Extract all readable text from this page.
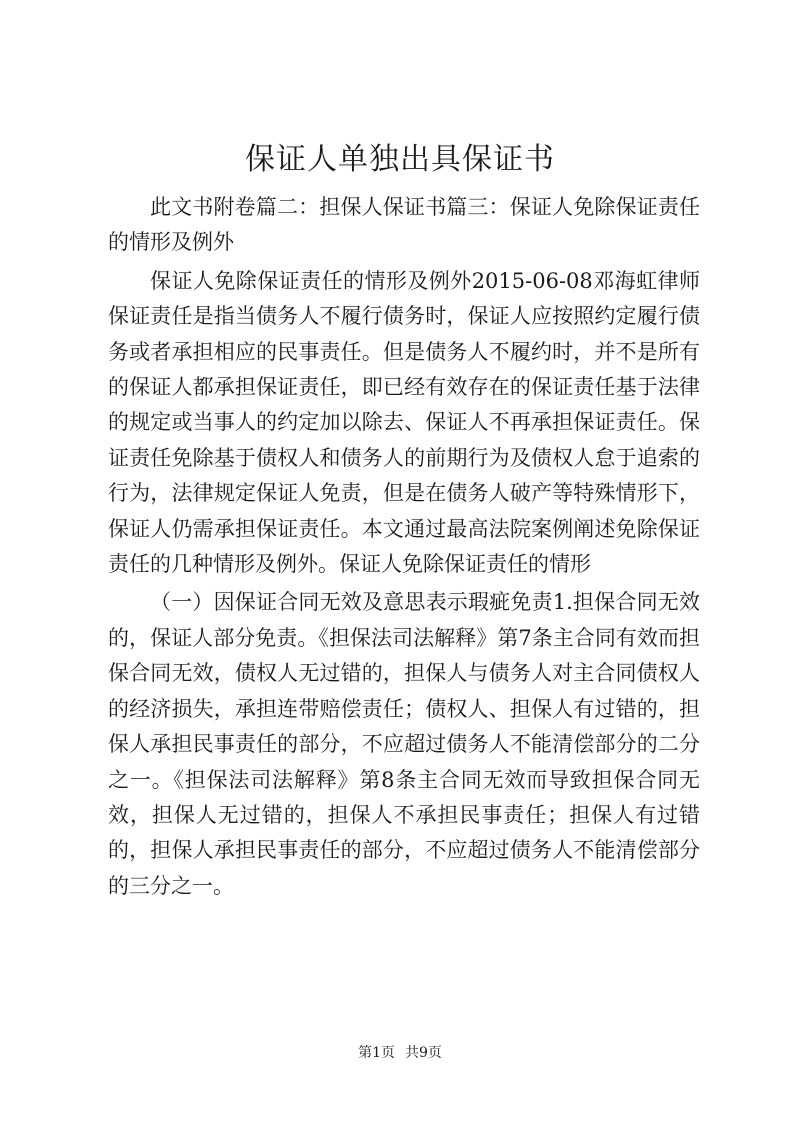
保证人单独出具保证书

此文书附卷篇二：担保人保证书篇三：保证人免除保证责任的情形及例外

保证人免除保证责任的情形及例外2015-06-08邓海虹律师保证责任是指当债务人不履行债务时，保证人应按照约定履行债务或者承担相应的民事责任。但是债务人不履约时，并不是所有的保证人都承担保证责任，即已经有效存在的保证责任基于法律的规定或当事人的约定加以除去、保证人不再承担保证责任。保证责任免除基于债权人和债务人的前期行为及债权人怠于追索的行为，法律规定保证人免责，但是在债务人破产等特殊情形下，保证人仍需承担保证责任。本文通过最高法院案例阐述免除保证责任的几种情形及例外。保证人免除保证责任的情形

（一）因保证合同无效及意思表示瑕疵免责1.担保合同无效的，保证人部分免责。《担保法司法解释》第7条主合同有效而担保合同无效，债权人无过错的，担保人与债务人对主合同债权人的经济损失，承担连带赔偿责任；债权人、担保人有过错的，担保人承担民事责任的部分，不应超过债务人不能清偿部分的二分之一。《担保法司法解释》第8条主合同无效而导致担保合同无效，担保人无过错的，担保人不承担民事责任；担保人有过错的，担保人承担民事责任的部分，不应超过债务人不能清偿部分的三分之一。

第1页 共9页
